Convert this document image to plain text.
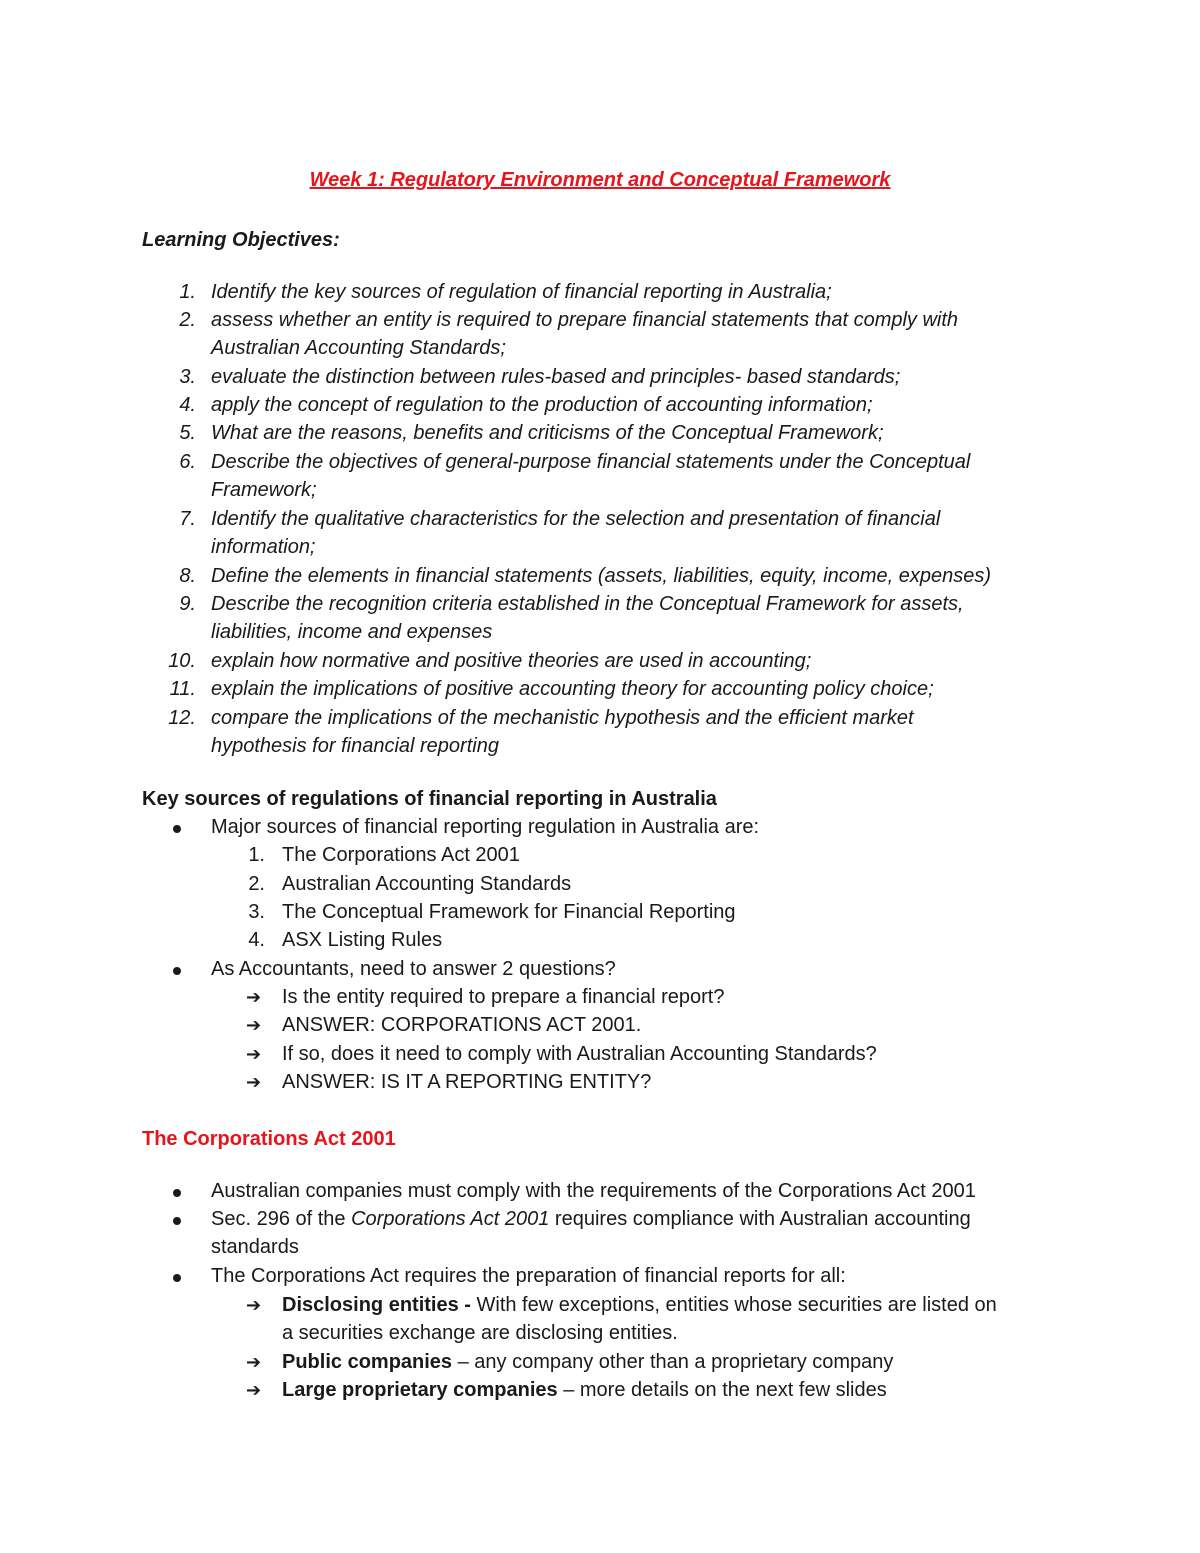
Week 1: Regulatory Environment and Conceptual Framework
Learning Objectives:
1. Identify the key sources of regulation of financial reporting in Australia;
2. assess whether an entity is required to prepare financial statements that comply with
Australian Accounting Standards;
3. evaluate the distinction between rules-based and principles- based standards;
4. apply the concept of regulation to the production of accounting information;
5. What are the reasons, benefits and criticisms of the Conceptual Framework;
6. Describe the objectives of general-purpose financial statements under the Conceptual
Framework;
7. Identify the qualitative characteristics for the selection and presentation of financial
information;
8. Define the elements in financial statements (assets, liabilities, equity, income, expenses)
9. Describe the recognition criteria established in the Conceptual Framework for assets,
liabilities, income and expenses
10. explain how normative and positive theories are used in accounting;
11. explain the implications of positive accounting theory for accounting policy choice;
12. compare the implications of the mechanistic hypothesis and the efficient market
hypothesis for financial reporting
Key sources of regulations of financial reporting in Australia
Major sources of financial reporting regulation in Australia are:
1. The Corporations Act 2001
2. Australian Accounting Standards
3. The Conceptual Framework for Financial Reporting
4. ASX Listing Rules
As Accountants, need to answer 2 questions?
➔ Is the entity required to prepare a financial report?
➔ ANSWER: CORPORATIONS ACT 2001.
➔ If so, does it need to comply with Australian Accounting Standards?
➔ ANSWER: IS IT A REPORTING ENTITY?
The Corporations Act 2001
Australian companies must comply with the requirements of the Corporations Act 2001
Sec. 296 of the Corporations Act 2001 requires compliance with Australian accounting
standards
The Corporations Act requires the preparation of financial reports for all:
➔ Disclosing entities - With few exceptions, entities whose securities are listed on
a securities exchange are disclosing entities.
➔ Public companies – any company other than a proprietary company
➔ Large proprietary companies – more details on the next few slides
